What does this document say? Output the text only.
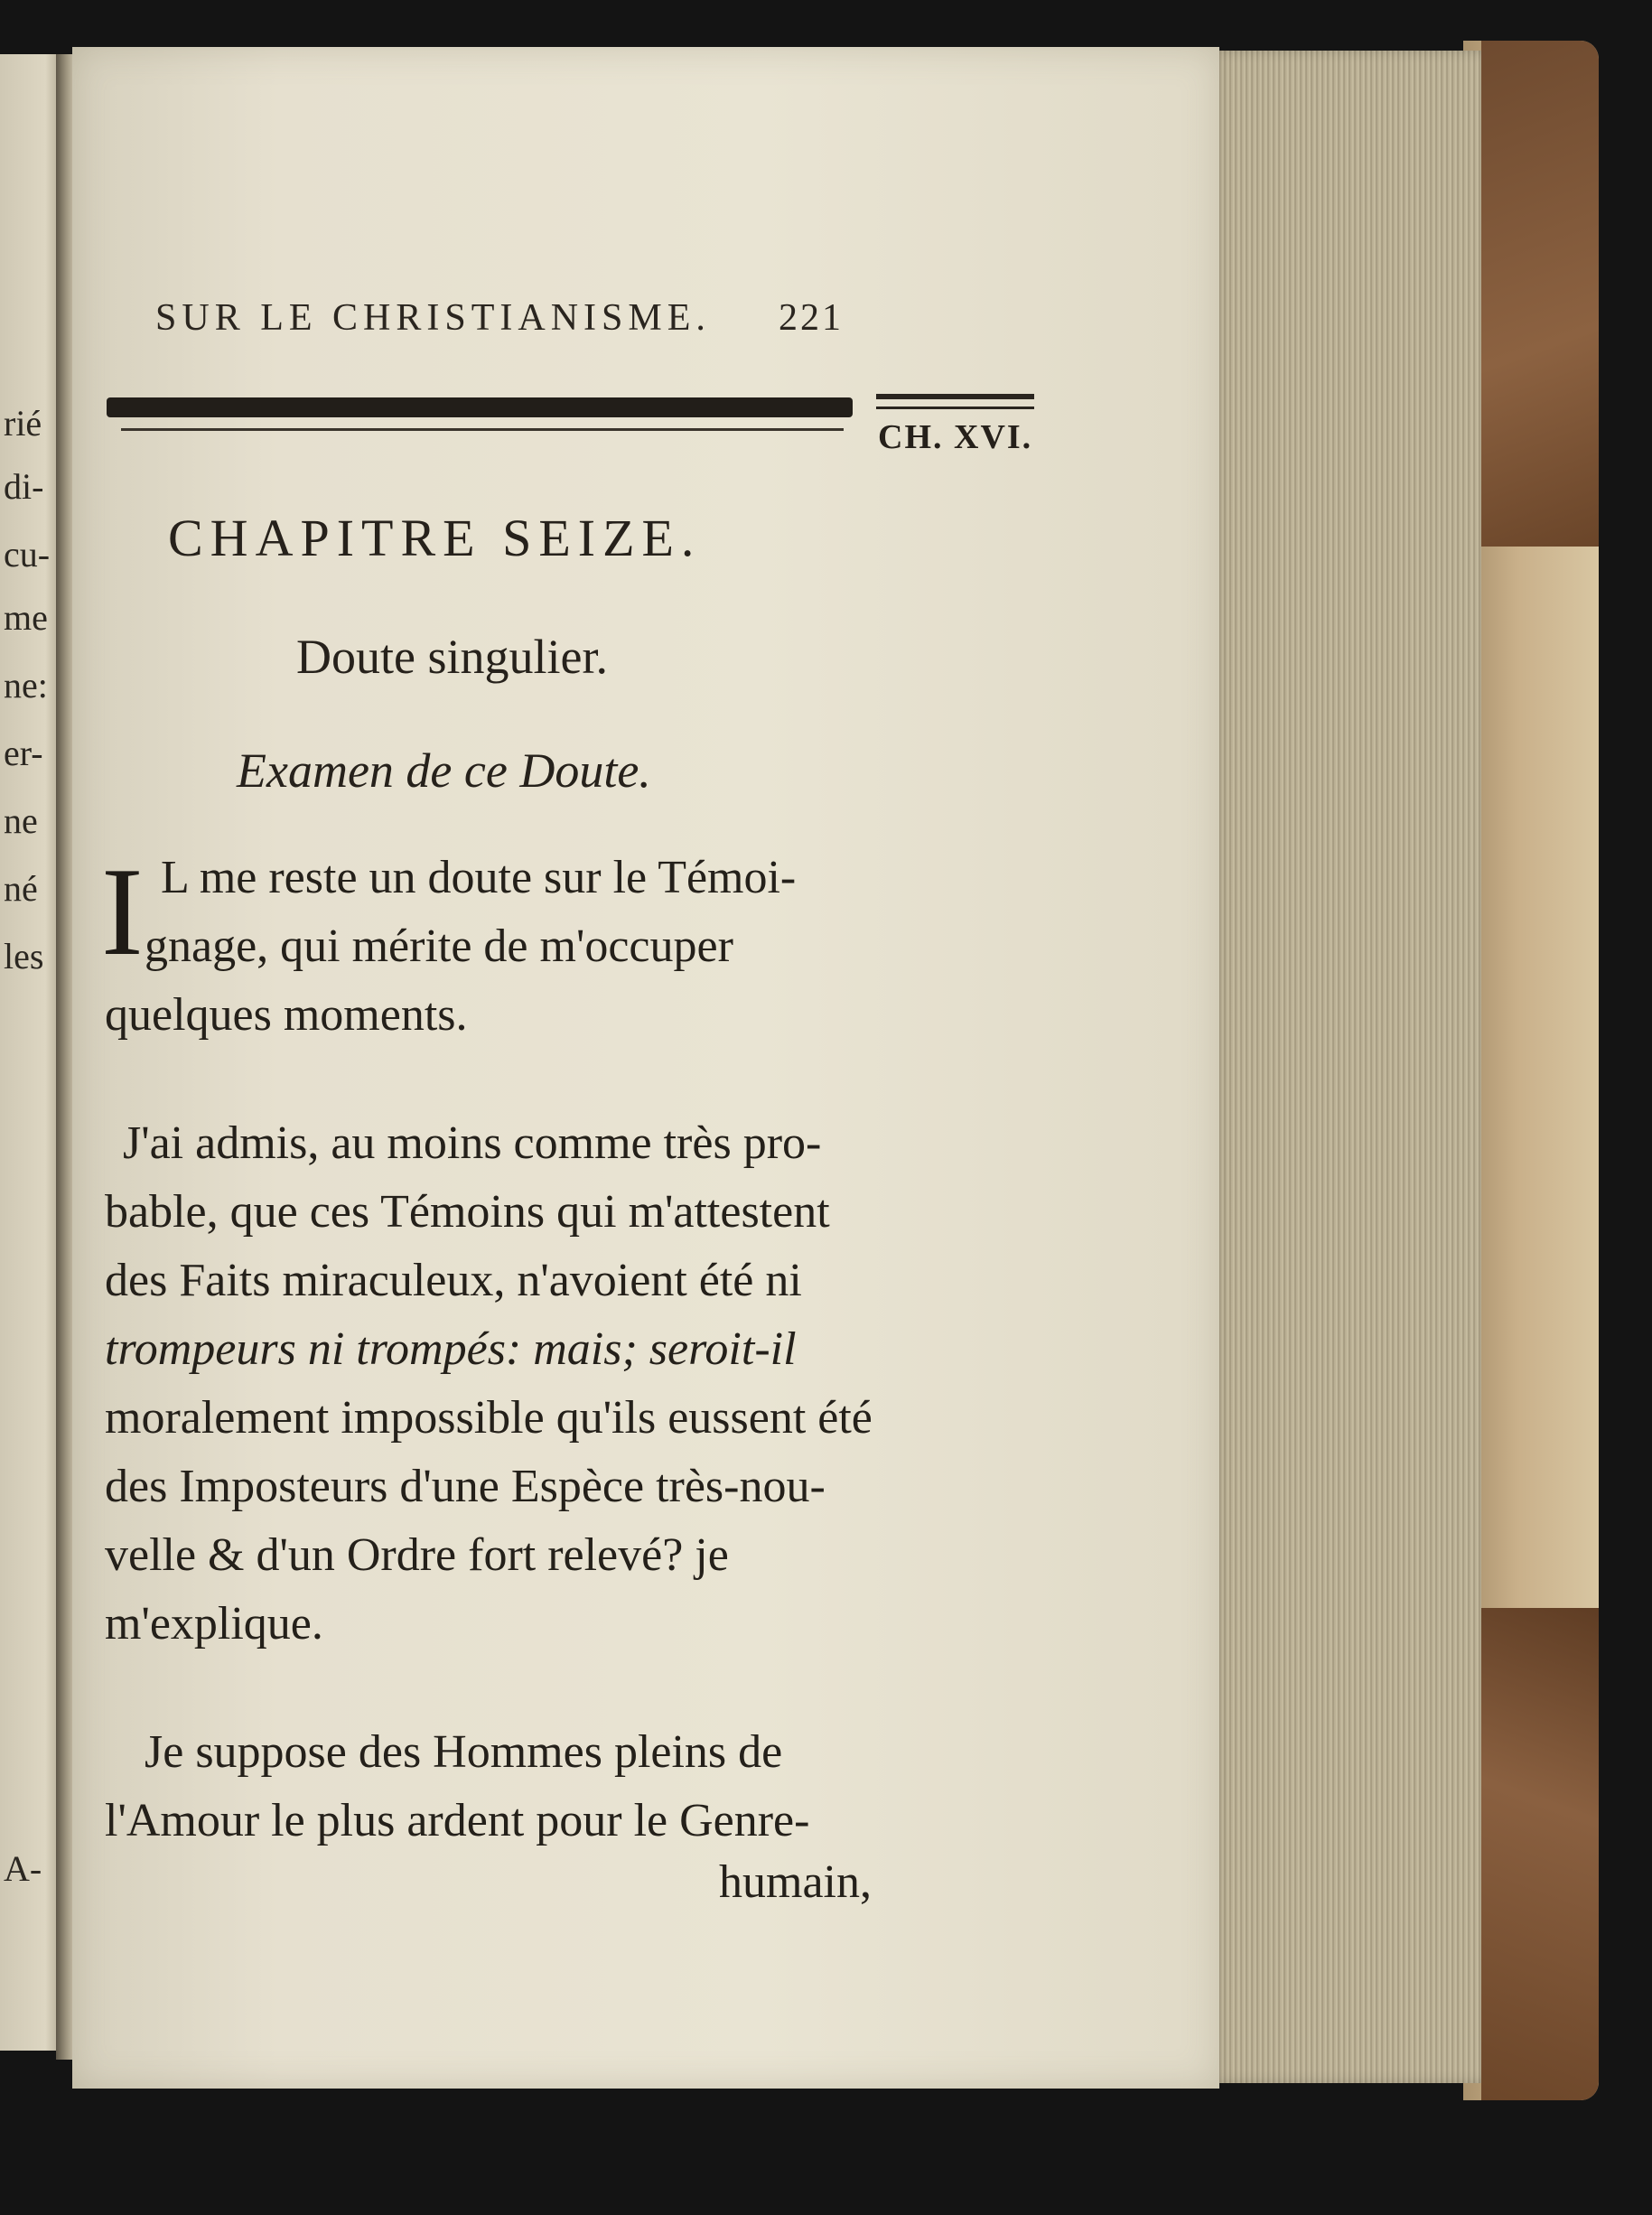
rié
di-
cu-
me
ne:
er-
ne
né
les
A-
SUR LE CHRISTIANISME. 221
CH. XVI.
CHAPITRE SEIZE.
Doute singulier.
Examen de ce Doute.
I L me reste un doute sur le Témoi-
gnage, qui mérite de m'occuper
quelques moments.
J'ai admis, au moins comme très pro-
bable, que ces Témoins qui m'attestent
des Faits miraculeux, n'avoient été ni
trompeurs ni trompés: mais; seroit-il
moralement impossible qu'ils eussent été
des Imposteurs d'une Espèce très-nou-
velle & d'un Ordre fort relevé? je
m'explique.
Je suppose des Hommes pleins de
l'Amour le plus ardent pour le Genre-
humain,
